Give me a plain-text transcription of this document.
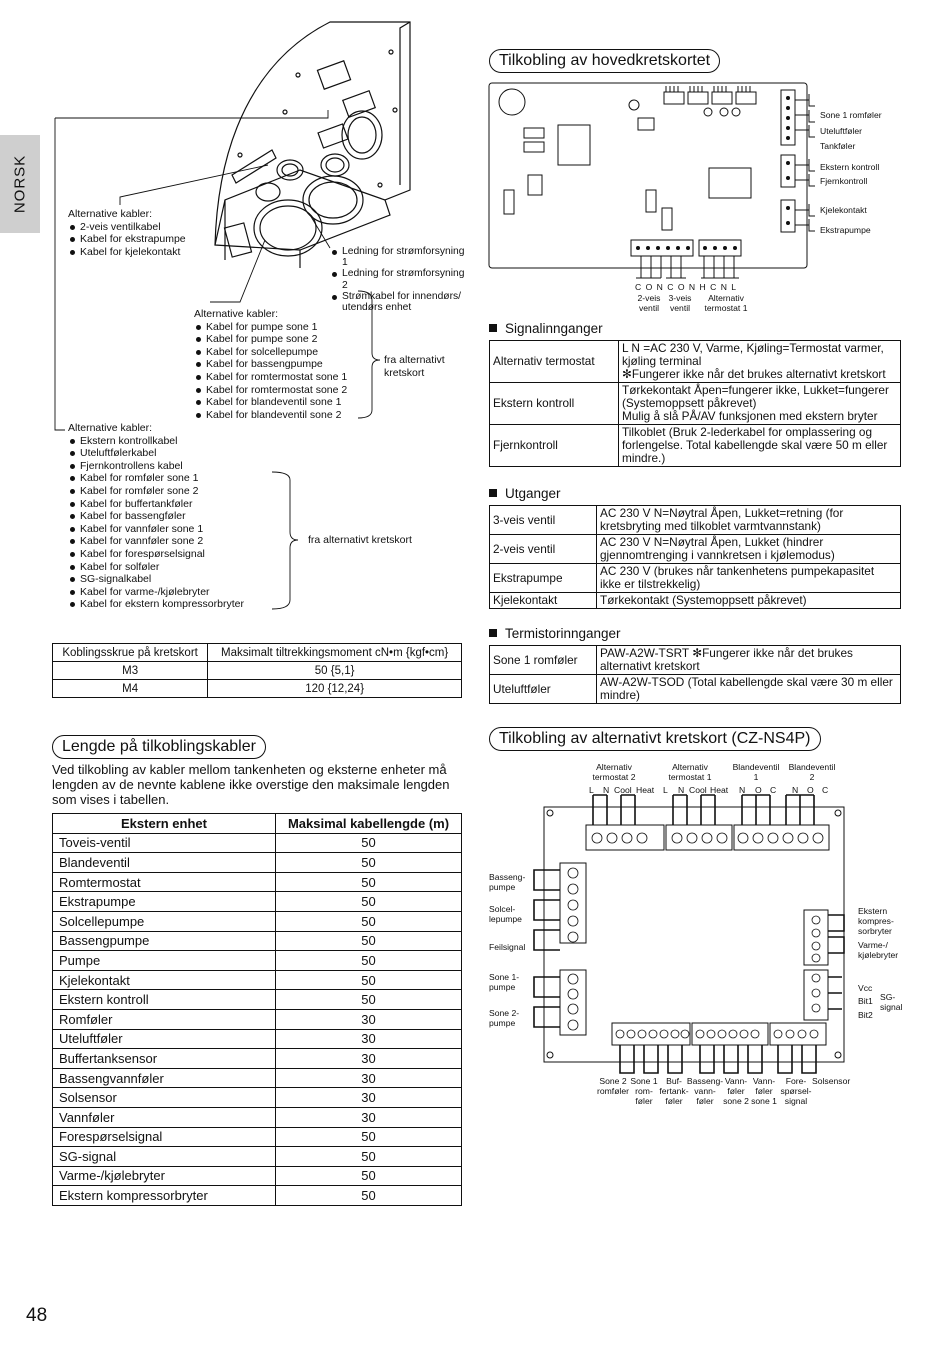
NORSK
Alternative kabler:
2-veis ventilkabel
Kabel for ekstrapumpe
Kabel for kjelekontakt	Ledning for strømforsyning 1
Ledning for strømforsyning 2
Strømkabel for innendørs/ utendørs enhet
Alternative kabler:
Kabel for pumpe sone 1
Kabel for pumpe sone 2
Kabel for solcellepumpe
Kabel for bassengpumpe
Kabel for romtermostat sone 1
Kabel for romtermostat sone 2
Kabel for blandeventil sone 1
Kabel for blandeventil sone 2
fra alternativt kretskort
Alternative kabler:
Ekstern kontrollkabel
Uteluftfølerkabel
Fjernkontrollens kabel
Kabel for romføler sone 1
Kabel for romføler sone 2
Kabel for buffertankføler
Kabel for bassengføler
Kabel for vannføler sone 1
Kabel for vannføler sone 2
Kabel for forespørselsignal
Kabel for solføler
SG-signalkabel
Kabel for varme-/kjølebryter
Kabel for ekstern kompressorbryter
fra alternativt kretskort
Koblingsskrue på kretskort	Maksimalt tiltrekkingsmoment cN•m {kgf•cm}
M3	50 {5,1}
M4	120 {12,24}
Lengde på tilkoblingskabler
Ved tilkobling av kabler mellom tankenheten og eksterne enheter må lengden av de nevnte kablene ikke overstige den maksimale lengden som vises i tabellen.
Ekstern enhet	Maksimal kabellengde (m)
Toveis-ventil	50
Blandeventil	50
Romtermostat	50
Ekstrapumpe	50
Solcellepumpe	50
Bassengpumpe	50
Pumpe	50
Kjelekontakt	50
Ekstern kontroll	50
Romføler	30
Uteluftføler	30
Buffertanksensor	30
Bassengvannføler	30
Solsensor	30
Vannføler	30
Forespørselsignal	50
SG-signal	50
Varme-/kjølebryter	50
Ekstern kompressorbryter	50
Tilkobling av hovedkretskortet
Sone 1 romføler
Uteluftføler
Tankføler
Ekstern kontroll
Fjernkontroll
Kjelekontakt
Ekstrapumpe
C O N C O N H C N L
2-veis ventil
3-veis ventil
Alternativ termostat 1
Signalinnganger
Alternativ termostat	L N =AC 230 V, Varme, Kjøling=Termostat varmer, kjøling terminal
✻Fungerer ikke når det brukes alternativt kretskort
Ekstern kontroll	Tørkekontakt Åpen=fungerer ikke, Lukket=fungerer (Systemoppsett påkrevet)
Mulig å slå PÅ/AV funksjonen med ekstern bryter
Fjernkontroll	Tilkoblet (Bruk 2-lederkabel for omplassering og forlengelse. Total kabellengde skal være 50 m eller mindre.)
Utganger
3-veis ventil	AC 230 V N=Nøytral Åpen, Lukket=retning (for kretsbryting med tilkoblet varmtvannstank)
2-veis ventil	AC 230 V N=Nøytral Åpen, Lukket (hindrer gjennomtrenging i vannkretsen i kjølemodus)
Ekstrapumpe	AC 230 V (brukes når tankenhetens pumpekapasitet ikke er tilstrekkelig)
Kjelekontakt	Tørkekontakt (Systemoppsett påkrevet)
Termistorinnganger
Sone 1 romføler	PAW-A2W-TSRT ✻Fungerer ikke når det brukes alternativt kretskort
Uteluftføler	AW-A2W-TSOD (Total kabellengde skal være 30 m eller mindre)
Tilkobling av alternativt kretskort (CZ-NS4P)
Alternativ termostat 2
Alternativ termostat 1
Blandeventil 1
Blandeventil 2
L N Cool Heat L N Cool Heat N O C N O C
Basseng- pumpe
Solcel- lepumpe
Feilsignal
Sone 1-pumpe
Sone 2-pumpe
Ekstern kompres- sorbryter
Varme-/ kjølebryter
Vcc
Bit1
Bit2
SG- signal
Sone 2 romføler
Sone 1 rom- føler
Buf- fertank- føler
Basseng- vann- føler
Vann- føler sone 2
Vann- føler sone 1
Fore- spørsel- signal
Solsensor
48
